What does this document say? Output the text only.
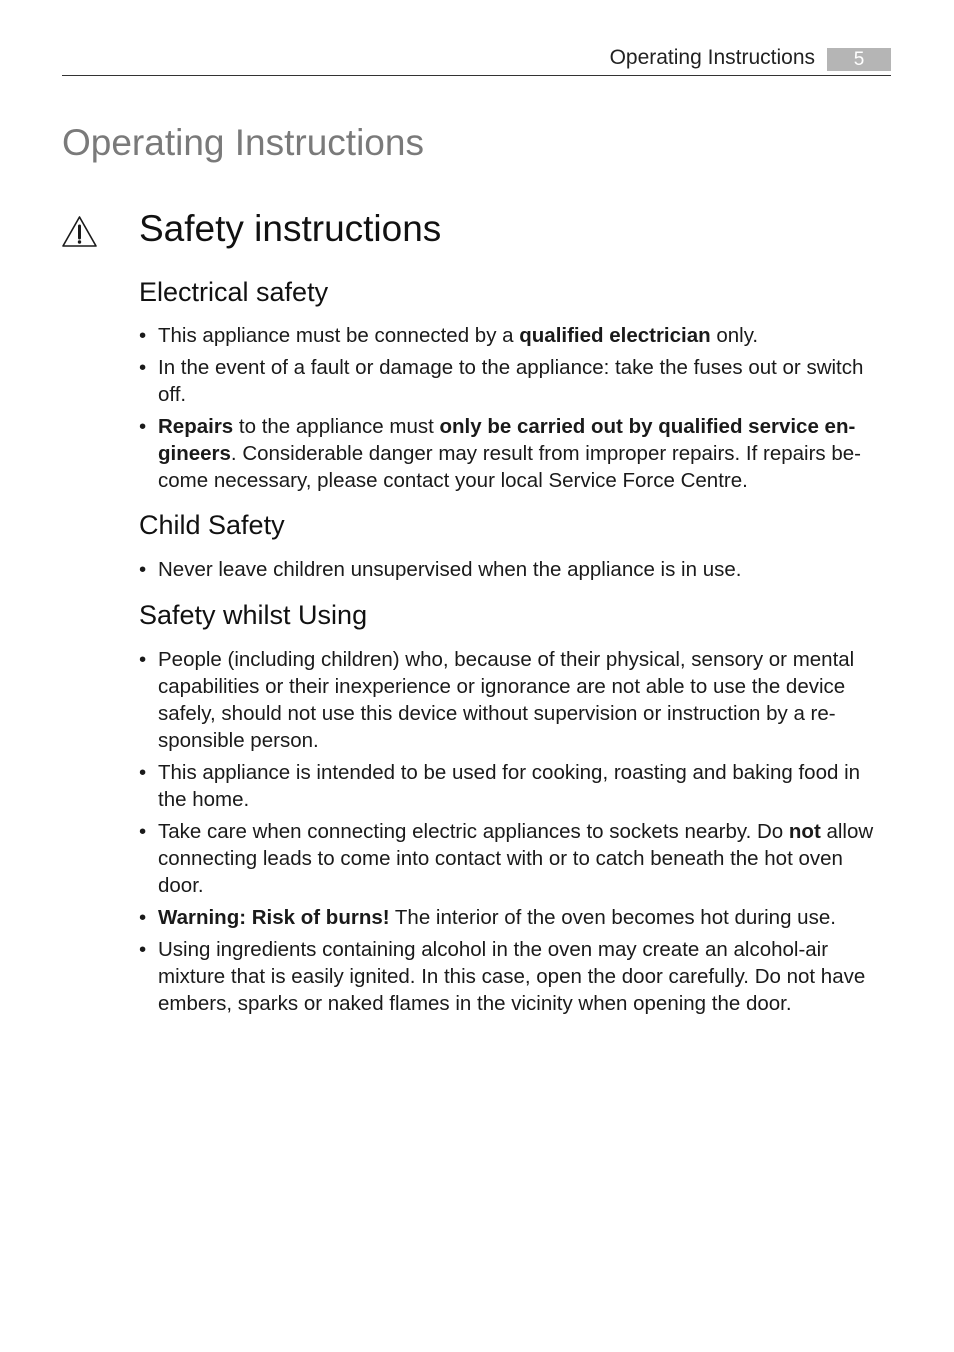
Operating Instructions	5
Operating Instructions
Safety instructions
Electrical safety
• This appliance must be connected by a qualified electrician only.
• In the event of a fault or damage to the appliance: take the fuses out or switch off.
• Repairs to the appliance must only be carried out by qualified service en-gineers. Considerable danger may result from improper repairs. If repairs be-come necessary, please contact your local Service Force Centre.
Child Safety
• Never leave children unsupervised when the appliance is in use.
Safety whilst Using
• People (including children) who, because of their physical, sensory or mental capabilities or their inexperience or ignorance are not able to use the device safely, should not use this device without supervision or instruction by a re-sponsible person.
• This appliance is intended to be used for cooking, roasting and baking food in the home.
• Take care when connecting electric appliances to sockets nearby. Do not allow connecting leads to come into contact with or to catch beneath the hot oven door.
• Warning: Risk of burns! The interior of the oven becomes hot during use.
• Using ingredients containing alcohol in the oven may create an alcohol-air mixture that is easily ignited. In this case, open the door carefully. Do not have embers, sparks or naked flames in the vicinity when opening the door.
